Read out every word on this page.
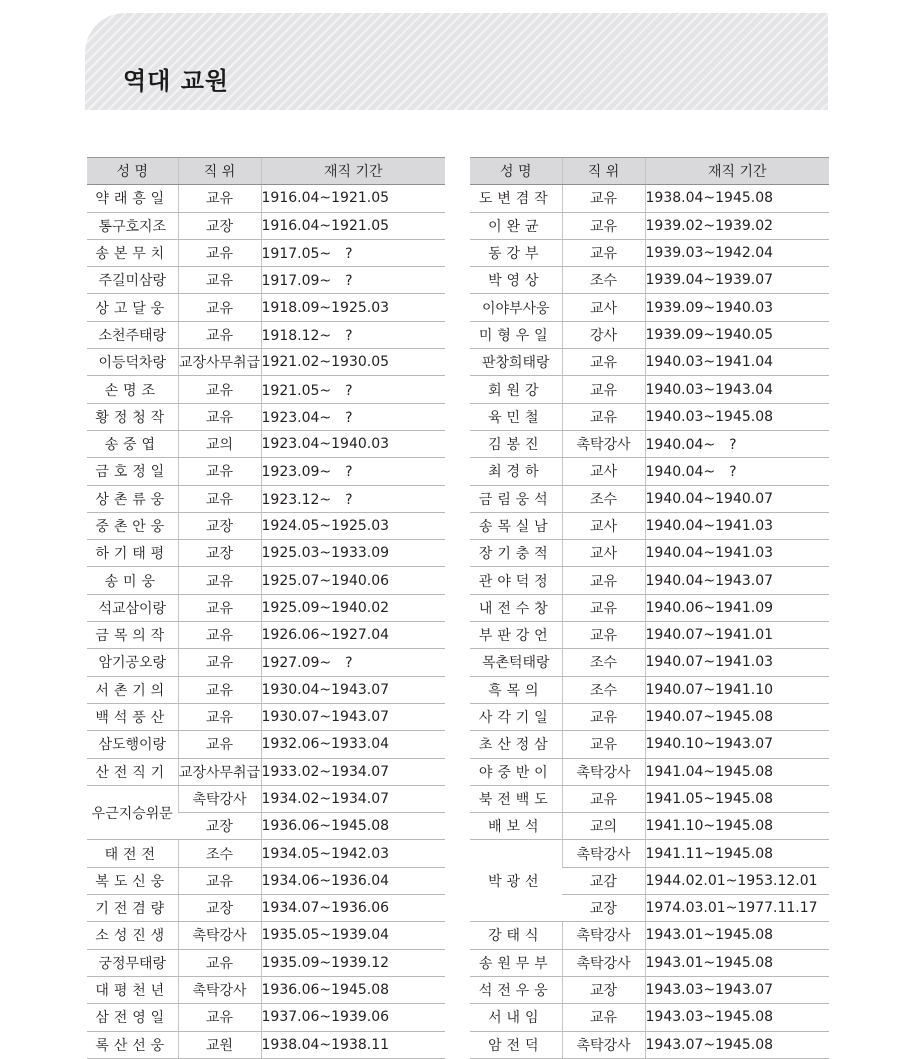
역대 교원
성 명	직 위	재직 기간
약래흥일	교유	1916.04~1921.05
통구호지조	교장	1916.04~1921.05
송본무치	교유	1917.05~　?
주길미삼랑	교유	1917.09~　?
상고달웅	교유	1918.09~1925.03
소천주태랑	교유	1918.12~　?
이등덕차랑	교장사무취급	1921.02~1930.05
손명조	교유	1921.05~　?
황정청작	교유	1923.04~　?
송중엽	교의	1923.04~1940.03
금호정일	교유	1923.09~　?
상촌류웅	교유	1923.12~　?
중촌안웅	교장	1924.05~1925.03
하기태평	교장	1925.03~1933.09
송미웅	교유	1925.07~1940.06
석교삼이랑	교유	1925.09~1940.02
금목의작	교유	1926.06~1927.04
암기공오랑	교유	1927.09~　?
서촌기의	교유	1930.04~1943.07
백석풍산	교유	1930.07~1943.07
삼도행이랑	교유	1932.06~1933.04
산전직기	교장사무취급	1933.02~1934.07
우근지승위문	촉탁강사	1934.02~1934.07
	교장	1936.06~1945.08
태전전	조수	1934.05~1942.03
복도신웅	교유	1934.06~1936.04
기전겸량	교장	1934.07~1936.06
소성진생	촉탁강사	1935.05~1939.04
궁정무태랑	교유	1935.09~1939.12
대평천년	촉탁강사	1936.06~1945.08
삼전영일	교유	1937.06~1939.06
록산선웅	교원	1938.04~1938.11
성 명	직 위	재직 기간
도변겸작	교유	1938.04~1945.08
이완균	교유	1939.02~1939.02
동강부	교유	1939.03~1942.04
박영상	조수	1939.04~1939.07
이야부사웅	교사	1939.09~1940.03
미형우일	강사	1939.09~1940.05
판창희태랑	교유	1940.03~1941.04
회원강	교유	1940.03~1943.04
육민철	교유	1940.03~1945.08
김봉진	촉탁강사	1940.04~　?
최경하	교사	1940.04~　?
금림웅석	조수	1940.04~1940.07
송목실남	교사	1940.04~1941.03
장기충적	교사	1940.04~1941.03
관야덕정	교유	1940.04~1943.07
내전수창	교유	1940.06~1941.09
부판강언	교유	1940.07~1941.01
목촌턱태랑	조수	1940.07~1941.03
흑목의	조수	1940.07~1941.10
사각기일	교유	1940.07~1945.08
초산정삼	교유	1940.10~1943.07
야중반이	촉탁강사	1941.04~1945.08
북전백도	교유	1941.05~1945.08
배보석	교의	1941.10~1945.08
박광선	촉탁강사	1941.11~1945.08
	교감	1944.02.01~1953.12.01
	교장	1974.03.01~1977.11.17
강태식	촉탁강사	1943.01~1945.08
송원무부	촉탁강사	1943.01~1945.08
석전우웅	교장	1943.03~1943.07
서내임	교유	1943.03~1945.08
암전덕	촉탁강사	1943.07~1945.08
